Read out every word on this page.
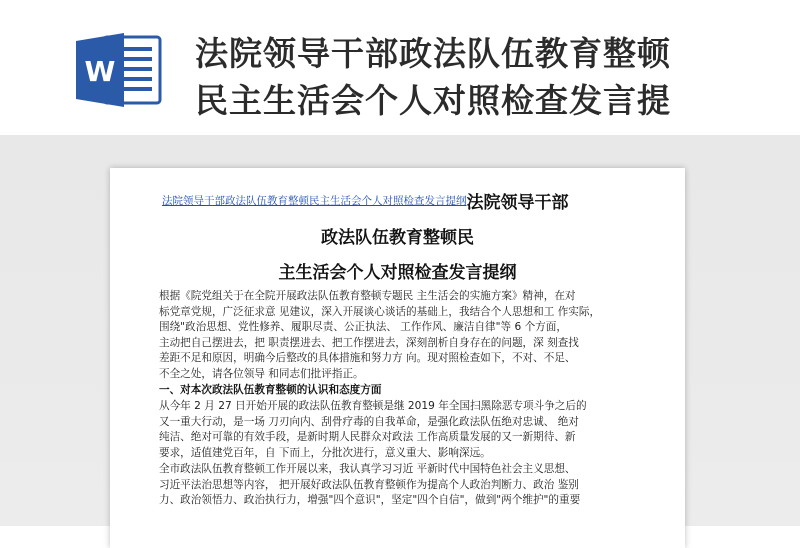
W 法院领导干部政法队伍教育整顿
民主生活会个人对照检查发言提
法院领导干部政法队伍教育整顿民主生活会个人对照检查发言提纲法院领导干部
政法队伍教育整顿民
主生活会个人对照检查发言提纲
根据《院党组关于在全院开展政法队伍教育整顿专题民 主生活会的实施方案》精神，在对
标党章党规，广泛征求意 见建议，深入开展谈心谈话的基础上，我结合个人思想和工 作实际，
围绕"政治思想、党性修养、履职尽责、公正执法、 工作作风、廉洁自律"等 6 个方面，
主动把自己摆进去，把 职责摆进去、把工作摆进去，深刻剖析自身存在的问题，深 刻查找
差距不足和原因，明确今后整改的具体措施和努力方 向。现对照检查如下，不对、不足、
不全之处，请各位领导 和同志们批评指正。
一、对本次政法队伍教育整顿的认识和态度方面
从今年 2 月 27 日开始开展的政法队伍教育整顿是继 2019 年全国扫黑除恶专项斗争之后的
又一重大行动，是一场 刀刃向内、刮骨疗毒的自我革命，是强化政法队伍绝对忠诚、 绝对
纯洁、绝对可靠的有效手段，是新时期人民群众对政法 工作高质量发展的又一新期待、新
要求，适值建党百年，自 下而上，分批次进行，意义重大、影响深远。
全市政法队伍教育整顿工作开展以来，我认真学习习近 平新时代中国特色社会主义思想、
习近平法治思想等内容， 把开展好政法队伍教育整顿作为提高个人政治判断力、政治 鉴别
力、政治领悟力、政治执行力，增强"四个意识"，坚定"四个自信"，做到"两个维护"的重要
